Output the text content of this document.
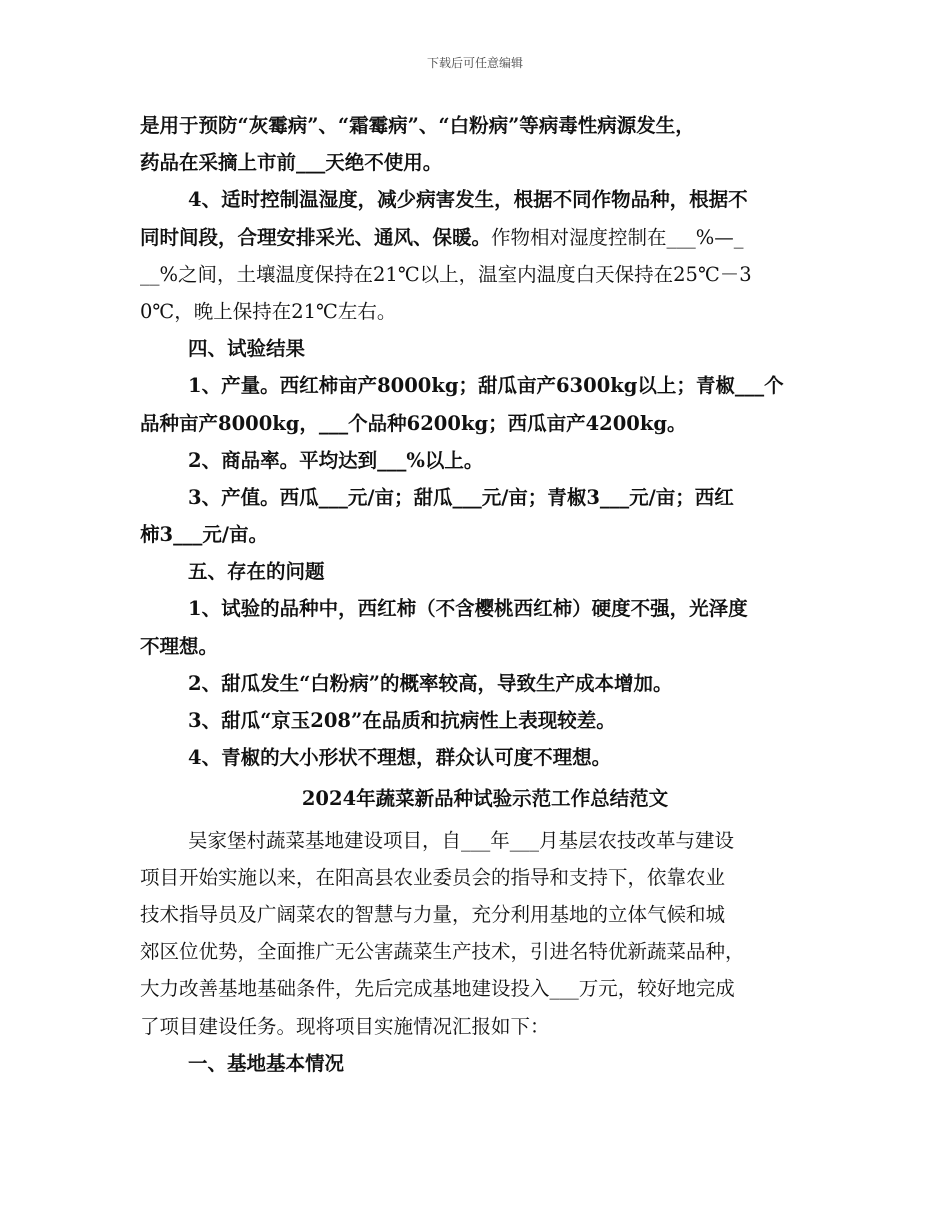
下载后可任意编辑
是用于预防“灰霉病”、“霜霉病”、“白粉病”等病毒性病源发生，
药品在采摘上市前___天绝不使用。
4、适时控制温湿度，减少病害发生，根据不同作物品种，根据不
同时间段，合理安排采光、通风、保暖。作物相对湿度控制在___%—_
__%之间，土壤温度保持在21℃以上，温室内温度白天保持在25℃－3
0℃，晚上保持在21℃左右。
四、试验结果
1、产量。西红柿亩产8000kg；甜瓜亩产6300kg以上；青椒___个
品种亩产8000kg，___个品种6200kg；西瓜亩产4200kg。
2、商品率。平均达到___%以上。
3、产值。西瓜___元/亩；甜瓜___元/亩；青椒3___元/亩；西红
柿3___元/亩。
五、存在的问题
1、试验的品种中，西红柿（不含樱桃西红柿）硬度不强，光泽度
不理想。
2、甜瓜发生“白粉病”的概率较高，导致生产成本增加。
3、甜瓜“京玉208”在品质和抗病性上表现较差。
4、青椒的大小形状不理想，群众认可度不理想。
2024年蔬菜新品种试验示范工作总结范文
吴家堡村蔬菜基地建设项目，自___年___月基层农技改革与建设
项目开始实施以来，在阳高县农业委员会的指导和支持下，依靠农业
技术指导员及广阔菜农的智慧与力量，充分利用基地的立体气候和城
郊区位优势，全面推广无公害蔬菜生产技术，引进名特优新蔬菜品种，
大力改善基地基础条件，先后完成基地建设投入___万元，较好地完成
了项目建设任务。现将项目实施情况汇报如下：
一、基地基本情况
